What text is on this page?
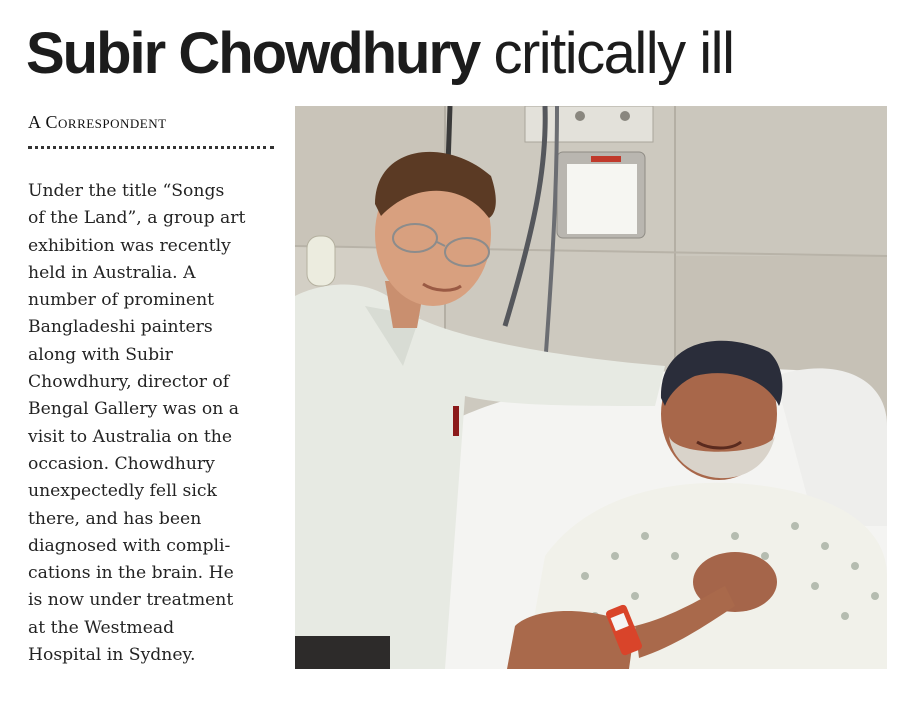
Subir Chowdhury critically ill
A Correspondent
Under the title “Songs
of the Land”, a group art
exhibition was recently
held in Australia. A
number of prominent
Bangladeshi painters
along with Subir
Chowdhury, director of
Bengal Gallery was on a
visit to Australia on the
occasion. Chowdhury
unexpectedly fell sick
there, and has been
diagnosed with compli-
cations in the brain. He
is now under treatment
at the Westmead
Hospital in Sydney.
